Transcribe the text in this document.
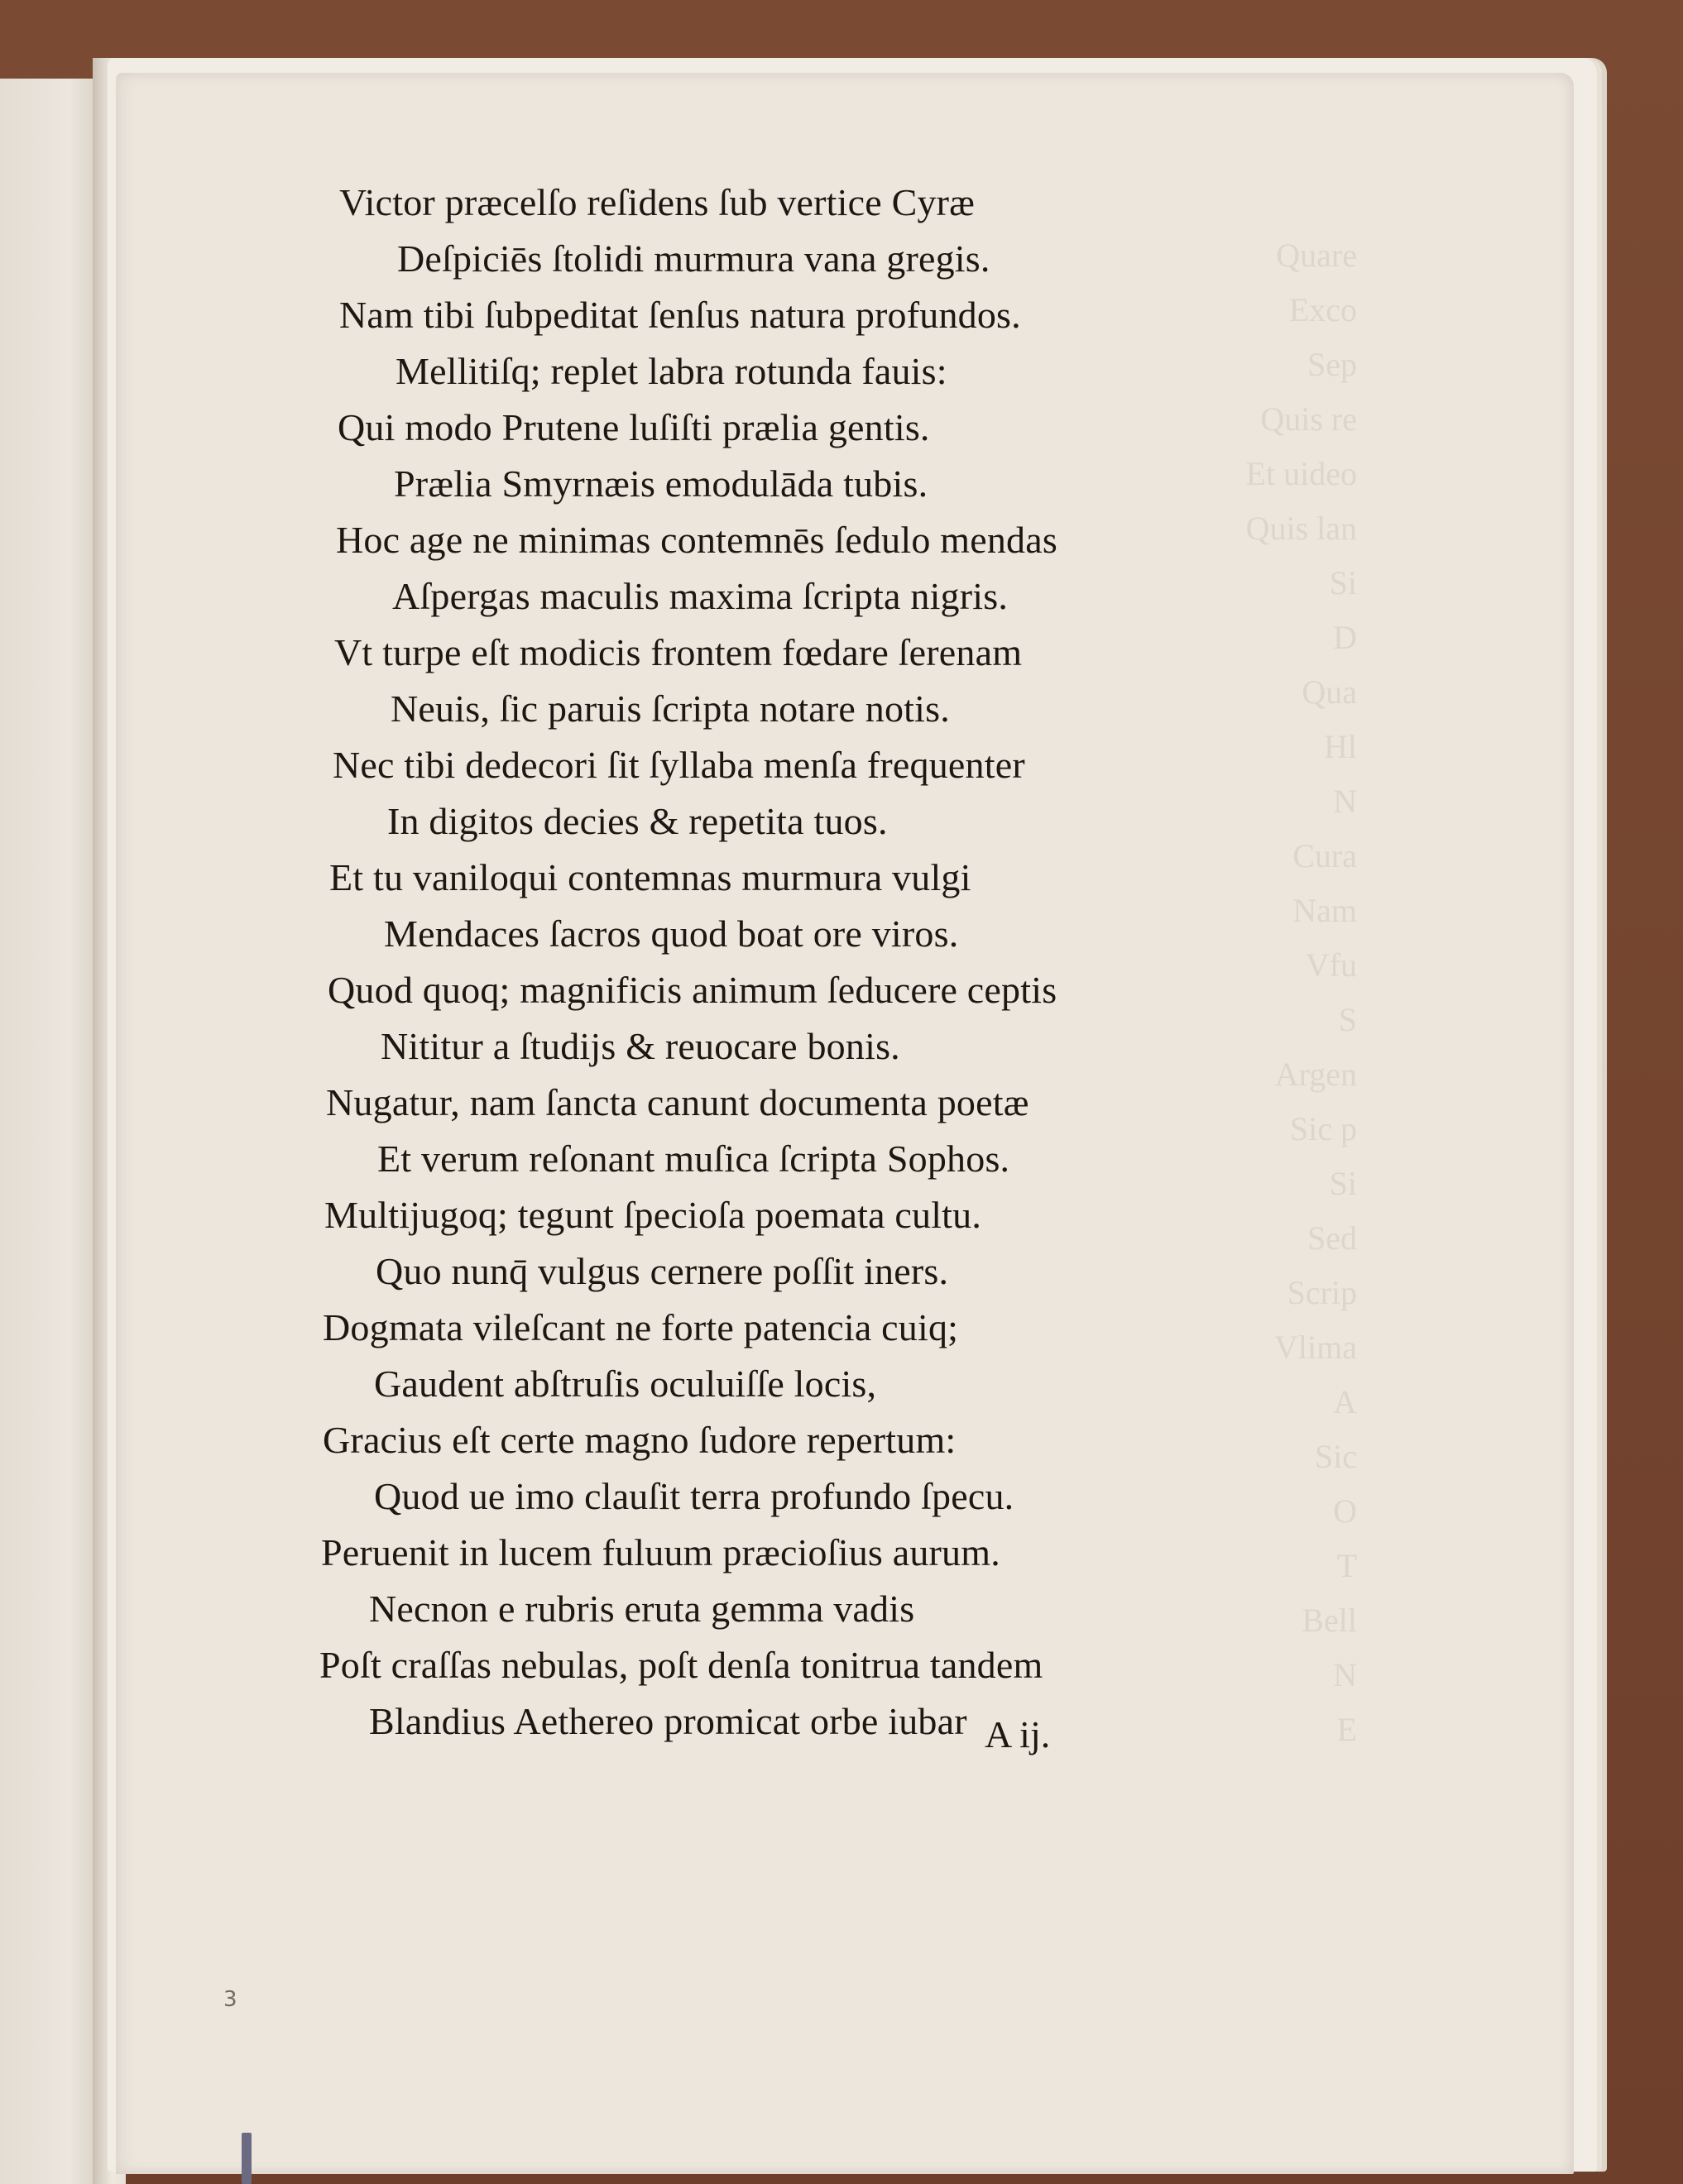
Victor præcelſo reſidens ſub vertice Cyræ
Deſpiciēs ſtolidi murmura vana gregis.
Nam tibi ſubpeditat ſenſus natura profundos.
Mellitiſq; replet labra rotunda fauis:
Qui modo Prutene luſiſti prælia gentis.
Prælia Smyrnæis emodulāda tubis.
Hoc age ne minimas contemnēs ſedulo mendas
Aſpergas maculis maxima ſcripta nigris.
Vt turpe eſt modicis frontem fœdare ſerenam
Neuis, ſic paruis ſcripta notare notis.
Nec tibi dedecori ſit ſyllaba menſa frequenter
In digitos decies & repetita tuos.
Et tu vaniloqui contemnas murmura vulgi
Mendaces ſacros quod boat ore viros.
Quod quoq; magnificis animum ſeducere ceptis
Nititur a ſtudijs & reuocare bonis.
Nugatur, nam ſancta canunt documenta poetæ
Et verum reſonant muſica ſcripta Sophos.
Multijugoq; tegunt ſpecioſa poemata cultu.
Quo nunq̄ vulgus cernere poſſit iners.
Dogmata vileſcant ne forte patencia cuiq;
Gaudent abſtruſis oculuiſſe locis,
Gracius eſt certe magno ſudore repertum:
Quod ue imo clauſit terra profundo ſpecu.
Peruenit in lucem fuluum præcioſius aurum.
Necnon e rubris eruta gemma vadis
Poſt craſſas nebulas, poſt denſa tonitrua tandem
Blandius Aethereo promicat orbe iubar A ij.
3
